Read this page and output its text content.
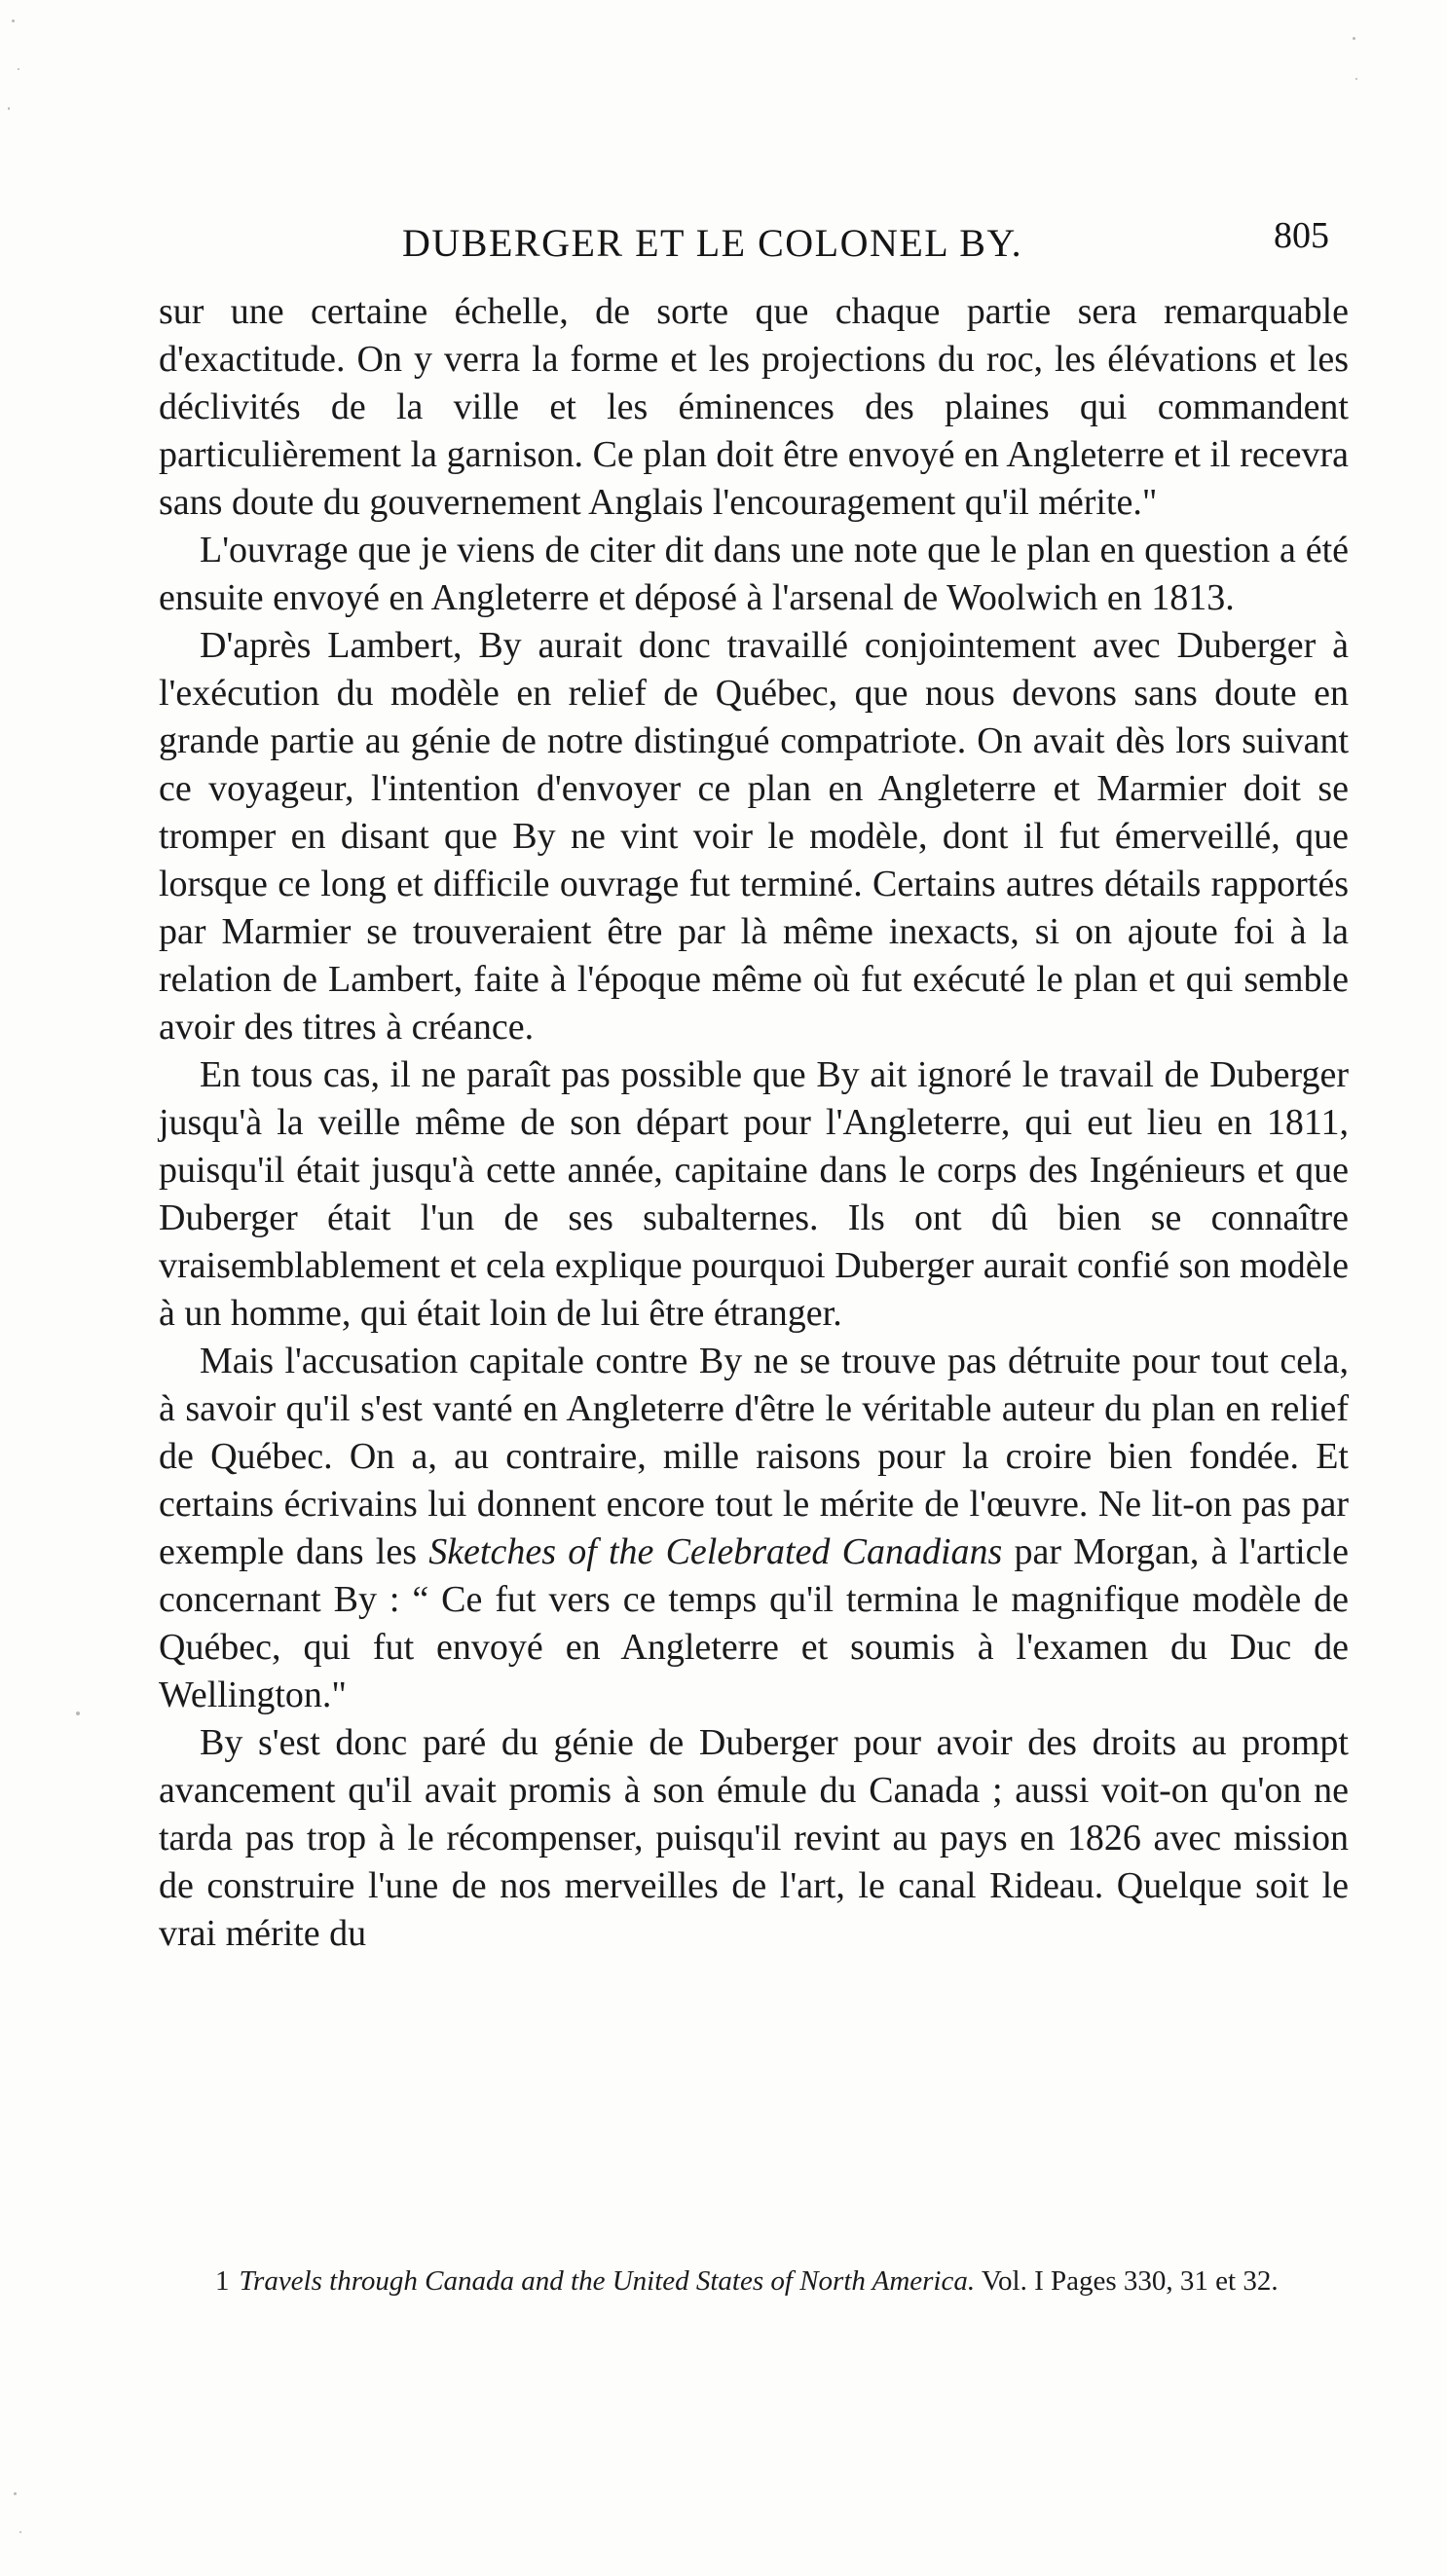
DUBERGER ET LE COLONEL BY.	805

sur une certaine échelle, de sorte que chaque partie sera remarquable d'exactitude. On y verra la forme et les projections du roc, les élévations et les déclivités de la ville et les éminences des plaines qui commandent particulièrement la garnison. Ce plan doit être envoyé en Angleterre et il recevra sans doute du gouvernement Anglais l'encouragement qu'il mérite."

L'ouvrage que je viens de citer dit dans une note que le plan en question a été ensuite envoyé en Angleterre et déposé à l'arsenal de Woolwich en 1813.

D'après Lambert, By aurait donc travaillé conjointement avec Duberger à l'exécution du modèle en relief de Québec, que nous devons sans doute en grande partie au génie de notre distingué compatriote. On avait dès lors suivant ce voyageur, l'intention d'envoyer ce plan en Angleterre et Marmier doit se tromper en disant que By ne vint voir le modèle, dont il fut émerveillé, que lorsque ce long et difficile ouvrage fut terminé. Certains autres détails rapportés par Marmier se trouveraient être par là même inexacts, si on ajoute foi à la relation de Lambert, faite à l'époque même où fut exécuté le plan et qui semble avoir des titres à créance.

En tous cas, il ne paraît pas possible que By ait ignoré le travail de Duberger jusqu'à la veille même de son départ pour l'Angleterre, qui eut lieu en 1811, puisqu'il était jusqu'à cette année, capitaine dans le corps des Ingénieurs et que Duberger était l'un de ses subalternes. Ils ont dû bien se connaître vraisemblablement et cela explique pourquoi Duberger aurait confié son modèle à un homme, qui était loin de lui être étranger.

Mais l'accusation capitale contre By ne se trouve pas détruite pour tout cela, à savoir qu'il s'est vanté en Angleterre d'être le véritable auteur du plan en relief de Québec. On a, au contraire, mille raisons pour la croire bien fondée. Et certains écrivains lui donnent encore tout le mérite de l'œuvre. Ne lit-on pas par exemple dans les Sketches of the Celebrated Canadians par Morgan, à l'article concernant By : “ Ce fut vers ce temps qu'il termina le magnifique modèle de Québec, qui fut envoyé en Angleterre et soumis à l'examen du Duc de Wellington."

By s'est donc paré du génie de Duberger pour avoir des droits au prompt avancement qu'il avait promis à son émule du Canada ; aussi voit-on qu'on ne tarda pas trop à le récompenser, puisqu'il revint au pays en 1826 avec mission de construire l'une de nos merveilles de l'art, le canal Rideau. Quelque soit le vrai mérite du

1 Travels through Canada and the United States of North America. Vol. I Pages 330, 31 et 32.
